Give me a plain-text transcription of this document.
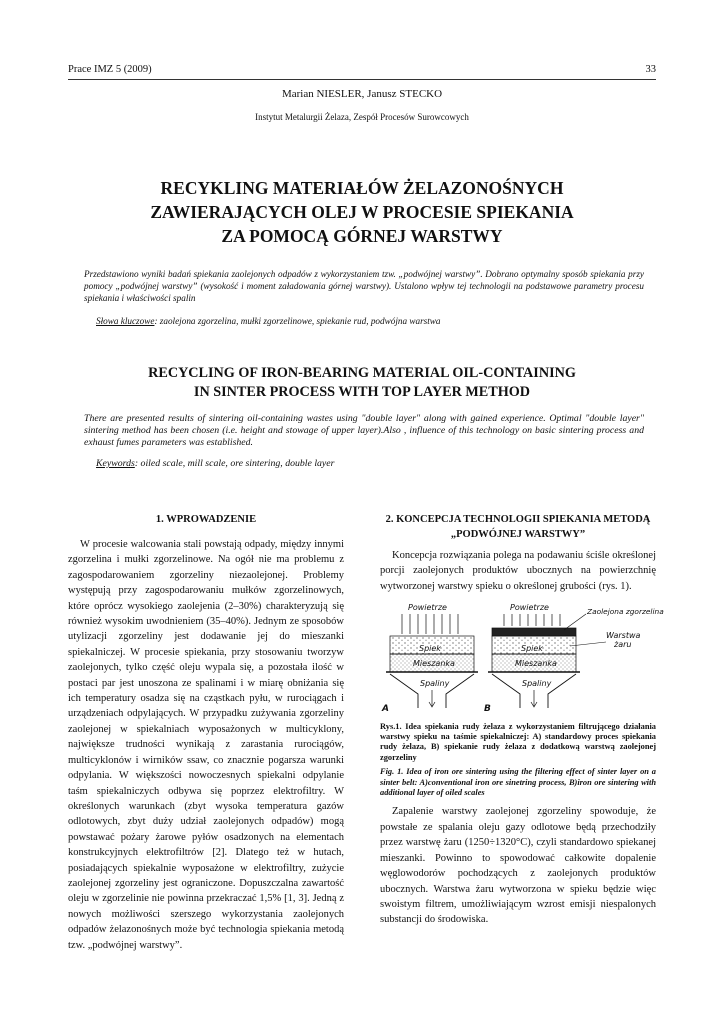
Prace IMZ 5 (2009)	33
Marian NIESLER, Janusz STECKO
Instytut Metalurgii Żelaza, Zespół Procesów Surowcowych
RECYKLING MATERIAŁÓW ŻELAZONOŚNYCH
ZAWIERAJĄCYCH OLEJ W PROCESIE SPIEKANIA
ZA POMOCĄ GÓRNEJ WARSTWY
Przedstawiono wyniki badań spiekania zaolejonych odpadów z wykorzystaniem tzw. „podwójnej warstwy”. Dobrano optymalny sposób spiekania przy pomocy „podwójnej warstwy” (wysokość i moment załadowania górnej warstwy). Ustalono wpływ tej technologii na podstawowe parametry procesu spiekania i właściwości spalin
Słowa kluczowe: zaolejona zgorzelina, mułki zgorzelinowe, spiekanie rud, podwójna warstwa
RECYCLING OF IRON-BEARING MATERIAL OIL-CONTAINING
IN SINTER PROCESS WITH TOP LAYER METHOD
There are presented results of sintering oil-containing wastes using "double layer" along with gained experience. Optimal "double layer" sintering method has been chosen (i.e. height and stowage of upper layer).Also , influence of this technology on basic sintering process and exhaust fumes parameters was established.
Keywords: oiled scale, mill scale, ore sintering, double layer
1. WPROWADZENIE

W procesie walcowania stali powstają odpady, między innymi zgorzelina i mułki zgorzelinowe. Na ogół nie ma problemu z zagospodarowaniem zgorzeliny niezaolejonej. Problemy występują przy zagospodarowaniu mułków zgorzelinowych, które oprócz wysokiego zaolejenia (2–30%) charakteryzują się również wysokim uwodnieniem (35–40%). Jednym ze sposobów utylizacji zgorzeliny jest dodawanie jej do mieszanki spiekalniczej. W procesie spiekania, przy stosowaniu tworzyw zaolejonych, tylko część oleju wypala się, a pozostała ilość w postaci par jest unoszona ze spalinami i w miarę obniżania się ich temperatury osadza się na cząstkach pyłu, w rurociągach i urządzeniach odpylających. W przypadku zużywania zgorzeliny zaolejonej w spiekalniach wyposażonych w multicyklony, największe trudności wynikają z zarastania rurociągów, multicyklonów i wirników ssaw, co znacznie pogarsza warunki odpylania. W większości nowoczesnych spiekalni odpylanie taśm spiekalniczych odbywa się poprzez elektrofiltry. W określonych warunkach (zbyt wysoka temperatura gazów odlotowych, zbyt duży udział zaolejonych odpadów) mogą powstawać pożary żarowe pyłów osadzonych na elementach konstrukcyjnych elektrofiltrów [2]. Dlatego też w hutach, posiadających spiekalnie wyposażone w elektrofiltry, zużycie zaolejonej zgorzeliny jest ograniczone. Dopuszczalna zawartość oleju w zgorzelinie nie powinna przekraczać 1,5% [1, 3]. Jedną z nowych możliwości szerszego wykorzystania zaolejonych odpadów żelazonośnych może być technologia spiekania metodą tzw. „podwójnej warstwy”.

2. KONCEPCJA TECHNOLOGII SPIEKANIA METODĄ „PODWÓJNEJ WARSTWY”

Koncepcja rozwiązania polega na podawaniu ściśle określonej porcji zaolejonych produktów ubocznych na powierzchnię wytworzonej warstwy spieku o określonej grubości (rys. 1).

Powietrze
Spiek
Mieszanka
Spaliny
A
Powietrze
Spiek
Mieszanka
Spaliny
B
Zaolejona zgorzelina
Warstwa
żaru
Rys.1. Idea spiekania rudy żelaza z wykorzystaniem filtrującego działania warstwy spieku na taśmie spiekalniczej: A) standardowy proces spiekania rudy żelaza, B) spiekanie rudy żelaza z dodatkową warstwą zaolejonej zgorzeliny
Fig. 1. Idea of iron ore sintering using the filtering effect of sinter layer on a sinter belt: A)conventional iron ore sinetring process, B)iron ore sintering with additional layer of oiled scales

Zapalenie warstwy zaolejonej zgorzeliny spowoduje, że powstałe ze spalania oleju gazy odlotowe będą przechodziły przez warstwę żaru (1250÷1320°C), czyli standardowo spiekanej mieszanki. Powinno to spowodować całkowite dopalenie węglowodorów pochodzących z zaolejonych produktów ubocznych. Warstwa żaru wytworzona w spieku będzie więc swoistym filtrem, umożliwiającym wzrost emisji niespalonych substancji do środowiska.
